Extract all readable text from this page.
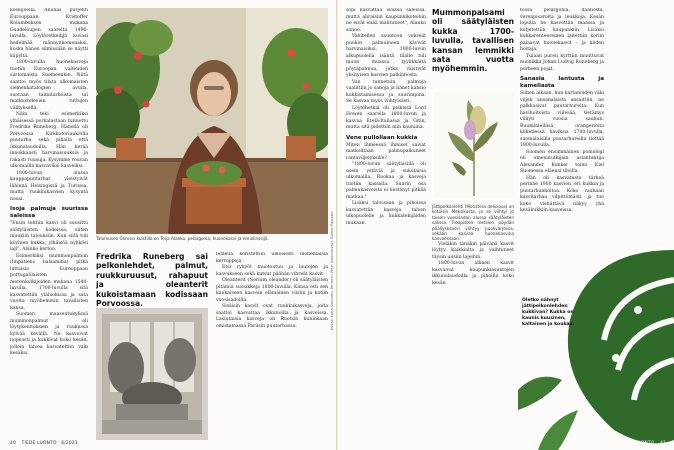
koskijoella. Ananas purjehti Eurooppaan Kristoffer Kolumbuksen mukana Guadeloupen saarelta 1490-luvulla. Löytöretkeilijä kuvasi hedelmää männynkomenaksi, koska hänen silmissään se näytti käpyltä.

1800-luvulla huonekasveja tuotiin Euroopan valtioiden siirtomaista Suomeenkin. Niitä saattoi myös tilata ulkomaisten siemenkatalogien avulla, suoraan taimitarhoista tai matkustelevien tuttujen välityksellä.

Näin teki esimerkiksi ylhäisessä porkalastaan tunnettu Fredrika Runeberg. Hänellä oli Porvoossa Kirkkotoriaukiolla puutarha sekä pihalla että ikkunalaudoilla. Hän kerää innokkaasti harvinaisuuksia ja rakasti ruusuja. Kysymme rouvan ulkomailla kasvaviksi kasveiksi.

1800-luvun alussa kauppapuutarhat yleistyivät lähinnä Helsingissä ja Turussa, mutta ruukkukasvien kysyntä nousi.

Isoja palmuja suurissa saleissa

"Ensin tehtiin kasvi oli suosittu säätyläisten kodeissa, siiten muukiin talouksiin. Kun siitä tuli köyhien kukka, ylhäisöä nyhkösi laji", Alanko kertoo.

Esimerkiksi mummonpalmun (Impatiens balsamina) pitkä luttaisia Eurooppaan portugalilaisten merenkulkijoiden mukana 1540-luvulla. 1700-luvulla sitä kasvatettiin yläluokissa ja sata vuotta myöhemmin tavallisten kansa.

Suomen maaseutukylissä mummonpalmut oli löytykennuksien ja ruukussa kylvää kevällä. Ne kasvoivat nopeasti ja kukkivat koko kesän, jolloin talvea kasvatettiin vain kesäksi.

Talomuseo Glimsin kuistilla on Teija Alanko. pelargonia, huonekasvi ja emiolinssijö.
Fredrika Runeberg sai pelkonlehdet, palmut, ruukkuruusut, rahapuut ja oleanterit kukoistamaan kodissaan Porvoossa.

lemellä koristettiin ulkoisesti monenlaisia kerroppeja.

Etsi rykyöt muotoutuu ja lautojen ja kasvukseen sekä kutsut päähän vihreät kasvit.

Oleanterit (Nerium oleander) oli säätyläisten pitämiä suosikkeja 1800-luvulla. Kansa otti sen kaukaiseen kasvein elämäinen viisiin ja kotiin vuosisadoilla.

Sisäisin kasvit ovat ruukkukasveja, joita saattoi kasvattaa ikkunoilla ja kasveissa. Lasiutaisia kasveja on Ruotsin kuninkaan omistamassa Pariisin puutarhassa.	Kuvat: Katja Koponen, Heinrich Weyl (kasvikuvat), Tuomo Pajusalo
40 TIEDE LUONTO 6/2021

sopi kasvattaa isoissa saleissa, mutta abraisiin kaupunkikoteihin ne eivät enää mahtuneet", Alanko sanoo.

Vähitellen asuntoon vehreät puukot palmuineen kävivät harvinaisiksi. 1900-luvun alkupuolella isäntä tilalle tuli muun muassa tyylikkäitä pöytäpalmua, jotka väistivät yksityisen kasvien palkinnosta.

Van tunnetuin palmuja vaalittiin jo sanoja ja hänet kansio kukkistamisessa ja suurimpina. Se kasvaa myös viihtyisästi.

Löytöhetkiä oli pelkissä Lord Howen saarella 1800-luvun ja kasvaa Etelä-Italiassa ja Gitin, mutta sitä pidettiin niin kauniina.

Vene pullollaan kukkia

Miten ihmeessä ihmiset saivat matkoiltaan palmupaikuneet rantaviljelyksille?

"1800-luvun säätyläisillä oli usein ystäviä ja sukulaisia ulkomailla. Ruokaa ja kasveja tuotiin kassalla. Suurin osa palmukasveista ei kestänyt pitkää matkaa."

Lisäksi talossaan ja pihoissa kasvatettiin kasveja talven ulkopuolelle ja kukkatekijäiden mukaan.

Mummonpalsami oli säätyläisten kukka 1700-luvulla, tavallisen kansan lemmikki sata vuotta myöhemmin.

Jättipelkonlehti (Monstera deliciosa) on kotoisin Meksikosta, ja se viihtyi jo toisen vuosisadan alussa säätyläisten salissa. Troopisten metsien pöydän päällysksasvi viihtyy puolivarjossa, sekään kasvaa huonekasvina kasvaessaan.

Vieläkin tänäkin päivänä kasvit löytyy kaikkialta ja vaihtuneet täysin uusiin lajeihin.

1800-luvun alkaen kasvit kasvaivat kaupunkiasuntojen ikkunalaudoilla ja pihoilla koko kesän.

tossa pelargonia, daaliosta, verenpisaroita ja leukkoja. Kesän lopulla ne kasvettiin maassa ja kuljetettiin kaupunkiin. Lisäksi kukkarenteereinen laitettiin koriin palaavat huonekasvit – ja niiden hoitaja.

Tuiaan puren kyrttiin muuttuvat nuonikka Johan Ludvig Runeberg ja perheen pojat.

Sanasia lantusta ja kameliasta

Siihen aikaan, kun kartanoiden väki viljeli ansanalaista ansaittiin, ne palkkasivat puutarhureita. Kun havihoitoista viilesää, tietämys viliiyti vuosia sauhun. Ruuminleillisä, orangerioita kiiketiessä kaviksia 1700-luvulla, suomalaisilla puutarhureilla tiettää 1800-luvulla.

Suomen ensimmäinen pomologi eli omenatutkijain asiantuntija Alexander Kunkel toimi Kiel Suomessa eläensi tiloilla.

Hän oli kasvatusta tärkeä perinne 1900 kasvien, eri kukkia ja puutarhanhoitoa. Koko rauhaan kasvitarhaa vilpittömästi, ja tuo koko viehättävä näkyy yhä kesäkukkiin kasveissa.

Oletko nähnyt jättipelkonlehden kukkivan? Kukka on kaunis kuusinen, kaltainen ja koukas.
TIEDE LUONTO 41
